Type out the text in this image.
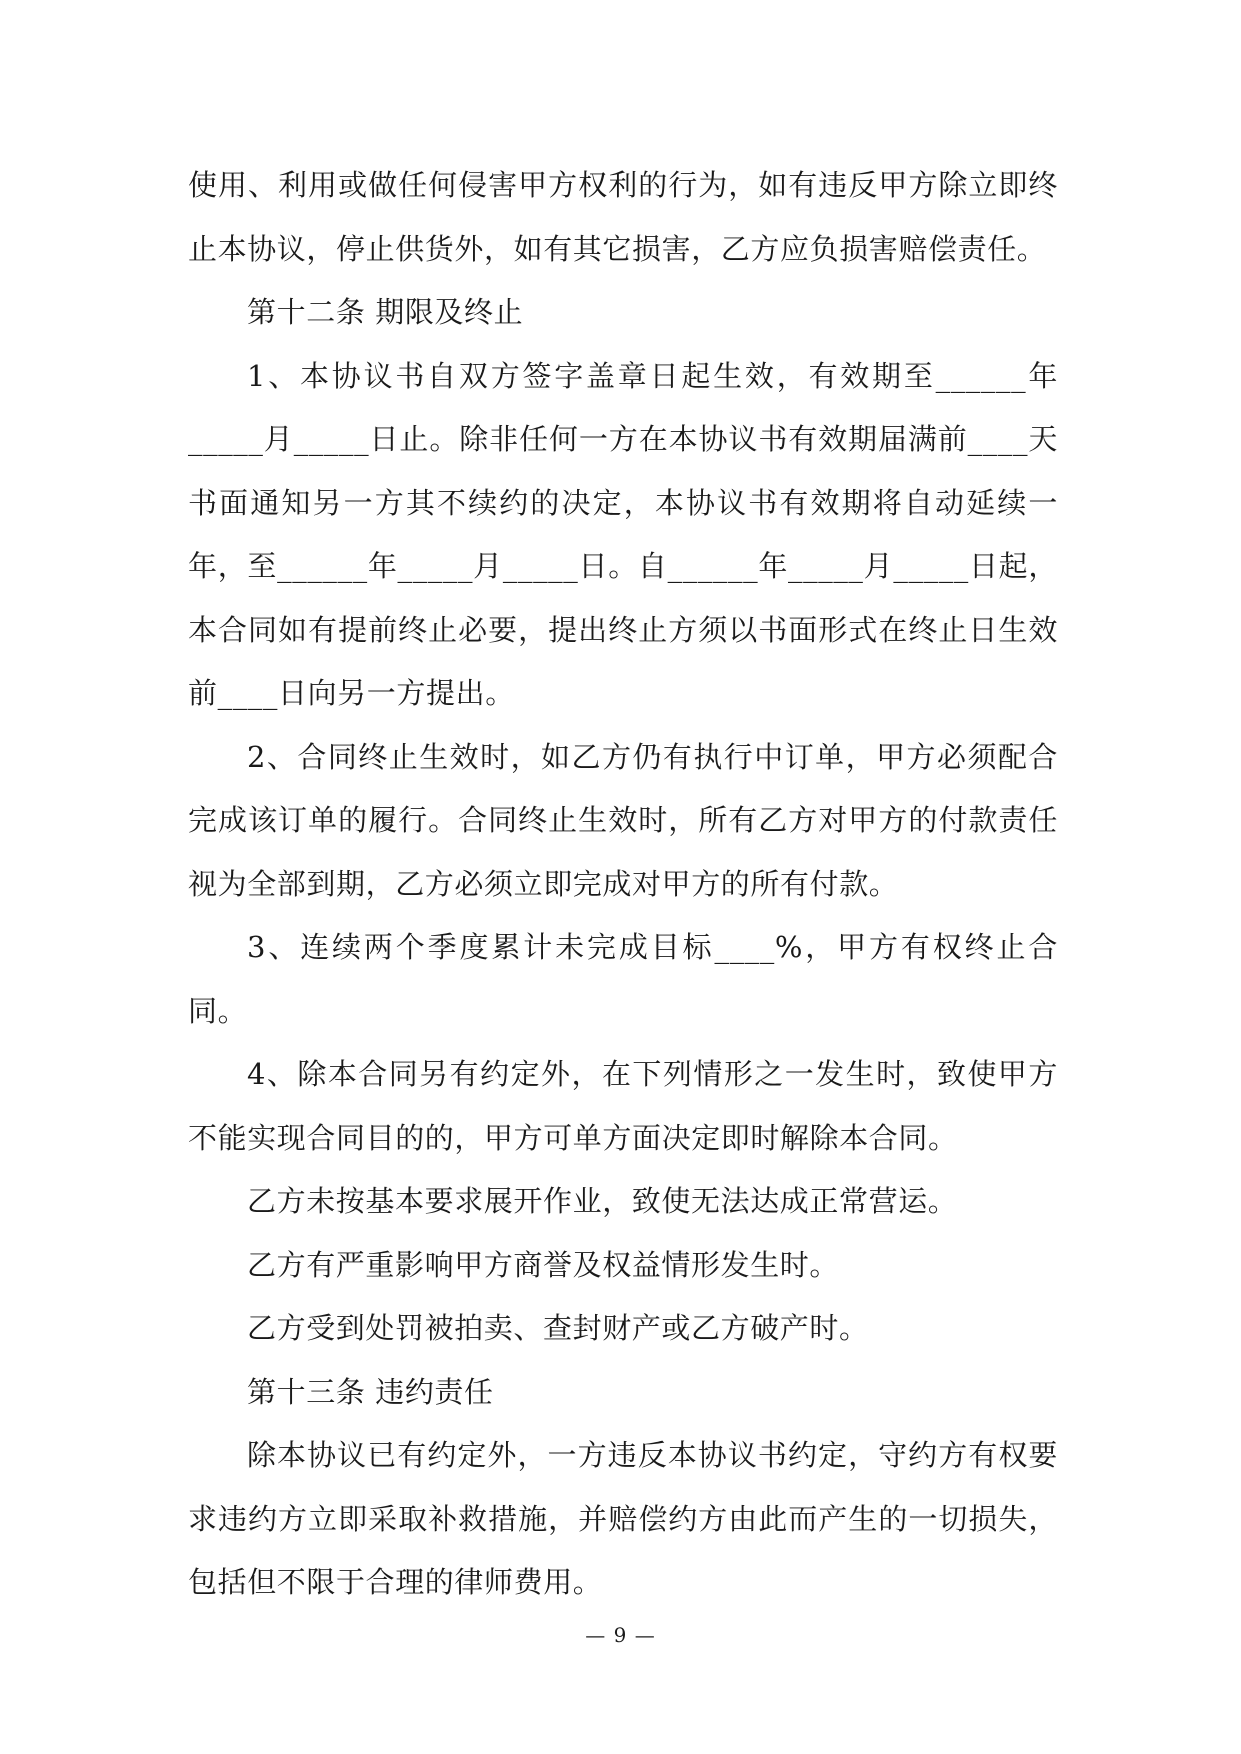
使用、利用或做任何侵害甲方权利的行为，如有违反甲方除立即终止本协议，停止供货外，如有其它损害，乙方应负损害赔偿责任。

第十二条 期限及终止

1、本协议书自双方签字盖章日起生效，有效期至______年_____月_____日止。除非任何一方在本协议书有效期届满前____天书面通知另一方其不续约的决定，本协议书有效期将自动延续一年，至______年_____月_____日。自______年_____月_____日起，本合同如有提前终止必要，提出终止方须以书面形式在终止日生效前____日向另一方提出。

2、合同终止生效时，如乙方仍有执行中订单，甲方必须配合完成该订单的履行。合同终止生效时，所有乙方对甲方的付款责任视为全部到期，乙方必须立即完成对甲方的所有付款。

3、连续两个季度累计未完成目标____%，甲方有权终止合同。

4、除本合同另有约定外，在下列情形之一发生时，致使甲方不能实现合同目的的，甲方可单方面决定即时解除本合同。

乙方未按基本要求展开作业，致使无法达成正常营运。

乙方有严重影响甲方商誉及权益情形发生时。

乙方受到处罚被拍卖、查封财产或乙方破产时。

第十三条 违约责任

除本协议已有约定外，一方违反本协议书约定，守约方有权要求违约方立即采取补救措施，并赔偿约方由此而产生的一切损失，包括但不限于合理的律师费用。

— 9 —
